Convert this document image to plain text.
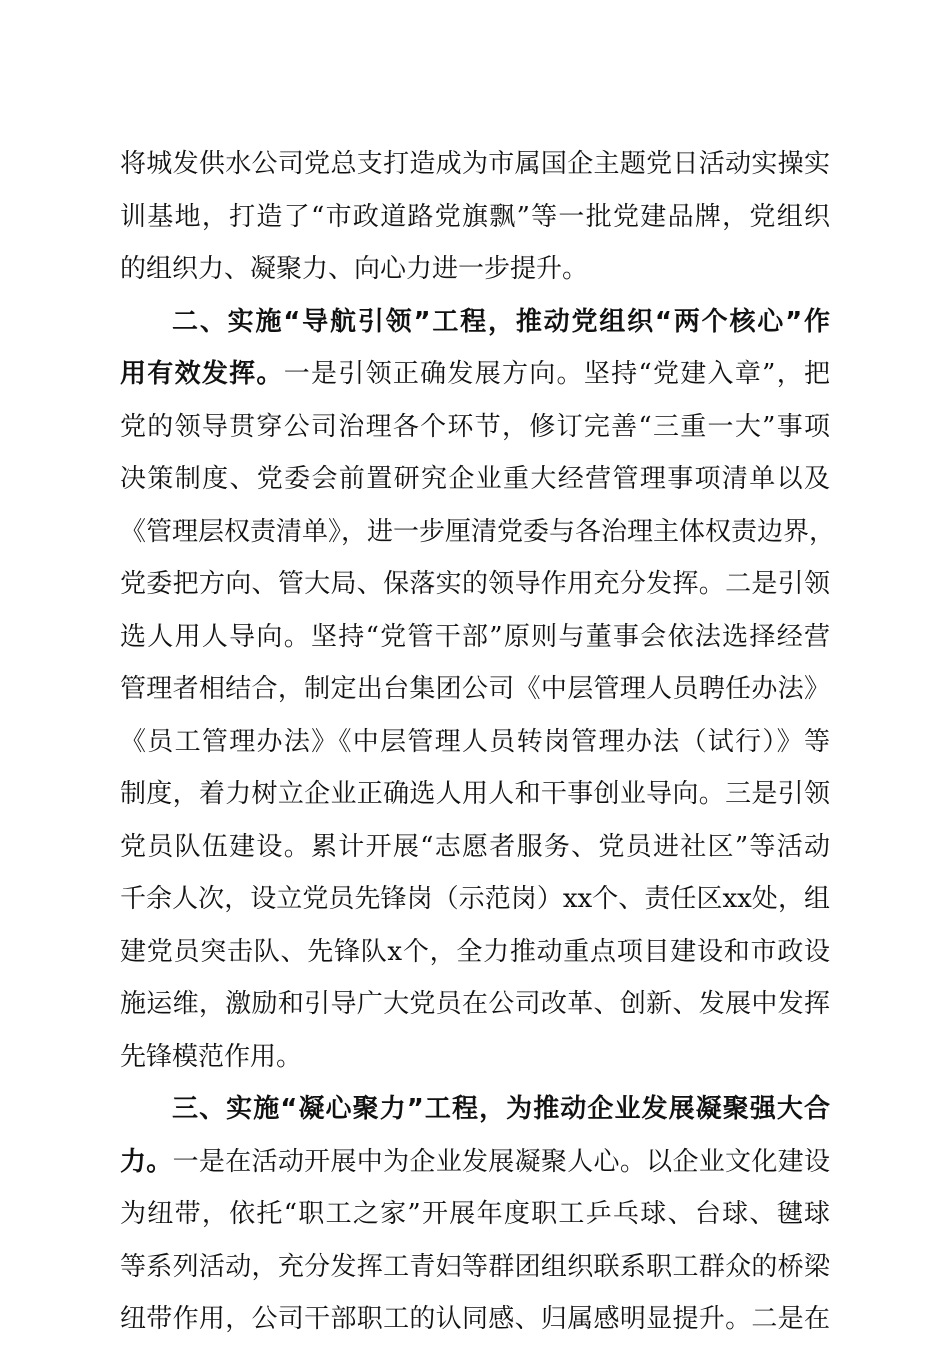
将城发供水公司党总支打造成为市属国企主题党日活动实操实
训基地，打造了“市政道路党旗飘”等一批党建品牌，党组织
的组织力、凝聚力、向心力进一步提升。
二、实施“导航引领”工程，推动党组织“两个核心”作
用有效发挥。一是引领正确发展方向。坚持“党建入章”，把
党的领导贯穿公司治理各个环节，修订完善“三重一大”事项
决策制度、党委会前置研究企业重大经营管理事项清单以及
《管理层权责清单》，进一步厘清党委与各治理主体权责边界，
党委把方向、管大局、保落实的领导作用充分发挥。二是引领
选人用人导向。坚持“党管干部”原则与董事会依法选择经营
管理者相结合，制定出台集团公司《中层管理人员聘任办法》
《员工管理办法》《中层管理人员转岗管理办法（试行）》等
制度，着力树立企业正确选人用人和干事创业导向。三是引领
党员队伍建设。累计开展“志愿者服务、党员进社区”等活动
千余人次，设立党员先锋岗（示范岗）xx个、责任区xx处，组
建党员突击队、先锋队x个，全力推动重点项目建设和市政设
施运维，激励和引导广大党员在公司改革、创新、发展中发挥
先锋模范作用。
三、实施“凝心聚力”工程，为推动企业发展凝聚强大合
力。一是在活动开展中为企业发展凝聚人心。以企业文化建设
为纽带，依托“职工之家”开展年度职工乒乓球、台球、毽球
等系列活动，充分发挥工青妇等群团组织联系职工群众的桥梁
纽带作用，公司干部职工的认同感、归属感明显提升。二是在
